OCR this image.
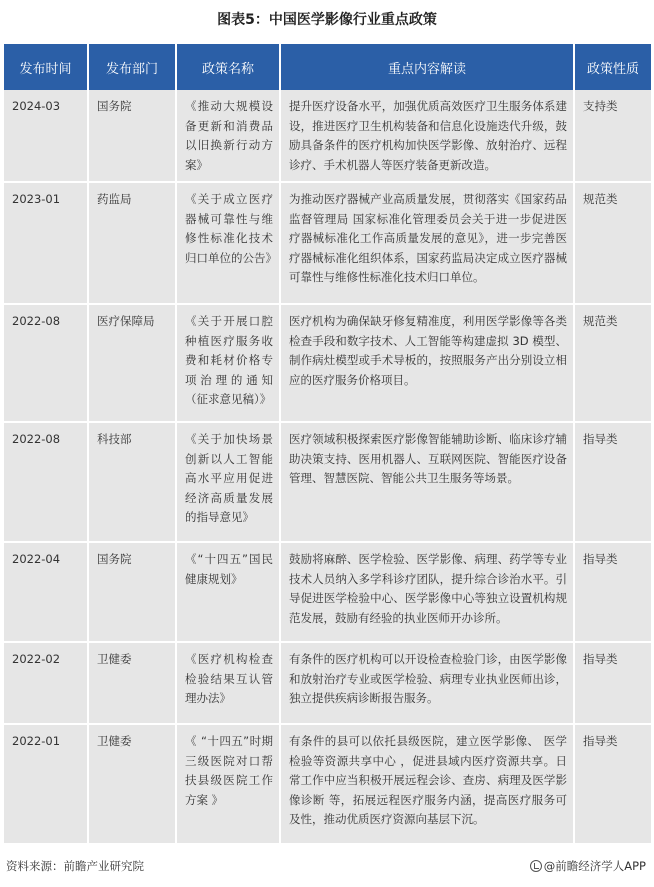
图表5：中国医学影像行业重点政策
发布时间	发布部门	政策名称	重点内容解读	政策性质
2024-03	国务院	《推动大规模设备更新和消费品以旧换新行动方案》	提升医疗设备水平，加强优质高效医疗卫生服务体系建设，推进医疗卫生机构装备和信息化设施迭代升级，鼓励具备条件的医疗机构加快医学影像、放射治疗、远程诊疗、手术机器人等医疗装备更新改造。	支持类
2023-01	药监局	《关于成立医疗器械可靠性与维修性标准化技术归口单位的公告》	为推动医疗器械产业高质量发展，贯彻落实《国家药品监督管理局 国家标准化管理委员会关于进一步促进医疗器械标准化工作高质量发展的意见》，进一步完善医疗器械标准化组织体系，国家药监局决定成立医疗器械可靠性与维修性标准化技术归口单位。	规范类
2022-08	医疗保障局	《关于开展口腔种植医疗服务收费和耗材价格专项治理的通知（征求意见稿）》	医疗机构为确保缺牙修复精准度，利用医学影像等各类检查手段和数字技术、人工智能等构建虚拟 3D 模型、制作病灶模型或手术导板的，按照服务产出分别设立相应的医疗服务价格项目。	规范类
2022-08	科技部	《关于加快场景创新以人工智能高水平应用促进经济高质量发展的指导意见》	医疗领域积极探索医疗影像智能辅助诊断、临床诊疗辅助决策支持、医用机器人、互联网医院、智能医疗设备管理、智慧医院、智能公共卫生服务等场景。	指导类
2022-04	国务院	《“十四五”国民健康规划》	鼓励将麻醉、医学检验、医学影像、病理、药学等专业技术人员纳入多学科诊疗团队，提升综合诊治水平。引导促进医学检验中心、医学影像中心等独立设置机构规范发展，鼓励有经验的执业医师开办诊所。	指导类
2022-02	卫健委	《医疗机构检查检验结果互认管理办法》	有条件的医疗机构可以开设检查检验门诊，由医学影像和放射治疗专业或医学检验、病理专业执业医师出诊，独立提供疾病诊断报告服务。	指导类
2022-01	卫健委	《 “十四五”时期三级医院对口帮扶县级医院工作方案 》	有条件的县可以依托县级医院，建立医学影像、 医学检验等资源共享中心 ，促进县域内医疗资源共享。日常工作中应当积极开展远程会诊、查房、病理及医学影像诊断 等，拓展远程医疗服务内涵，提高医疗服务可及性，推动优质医疗资源向基层下沉。	指导类
资料来源：前瞻产业研究院	@前瞻经济学人APP
